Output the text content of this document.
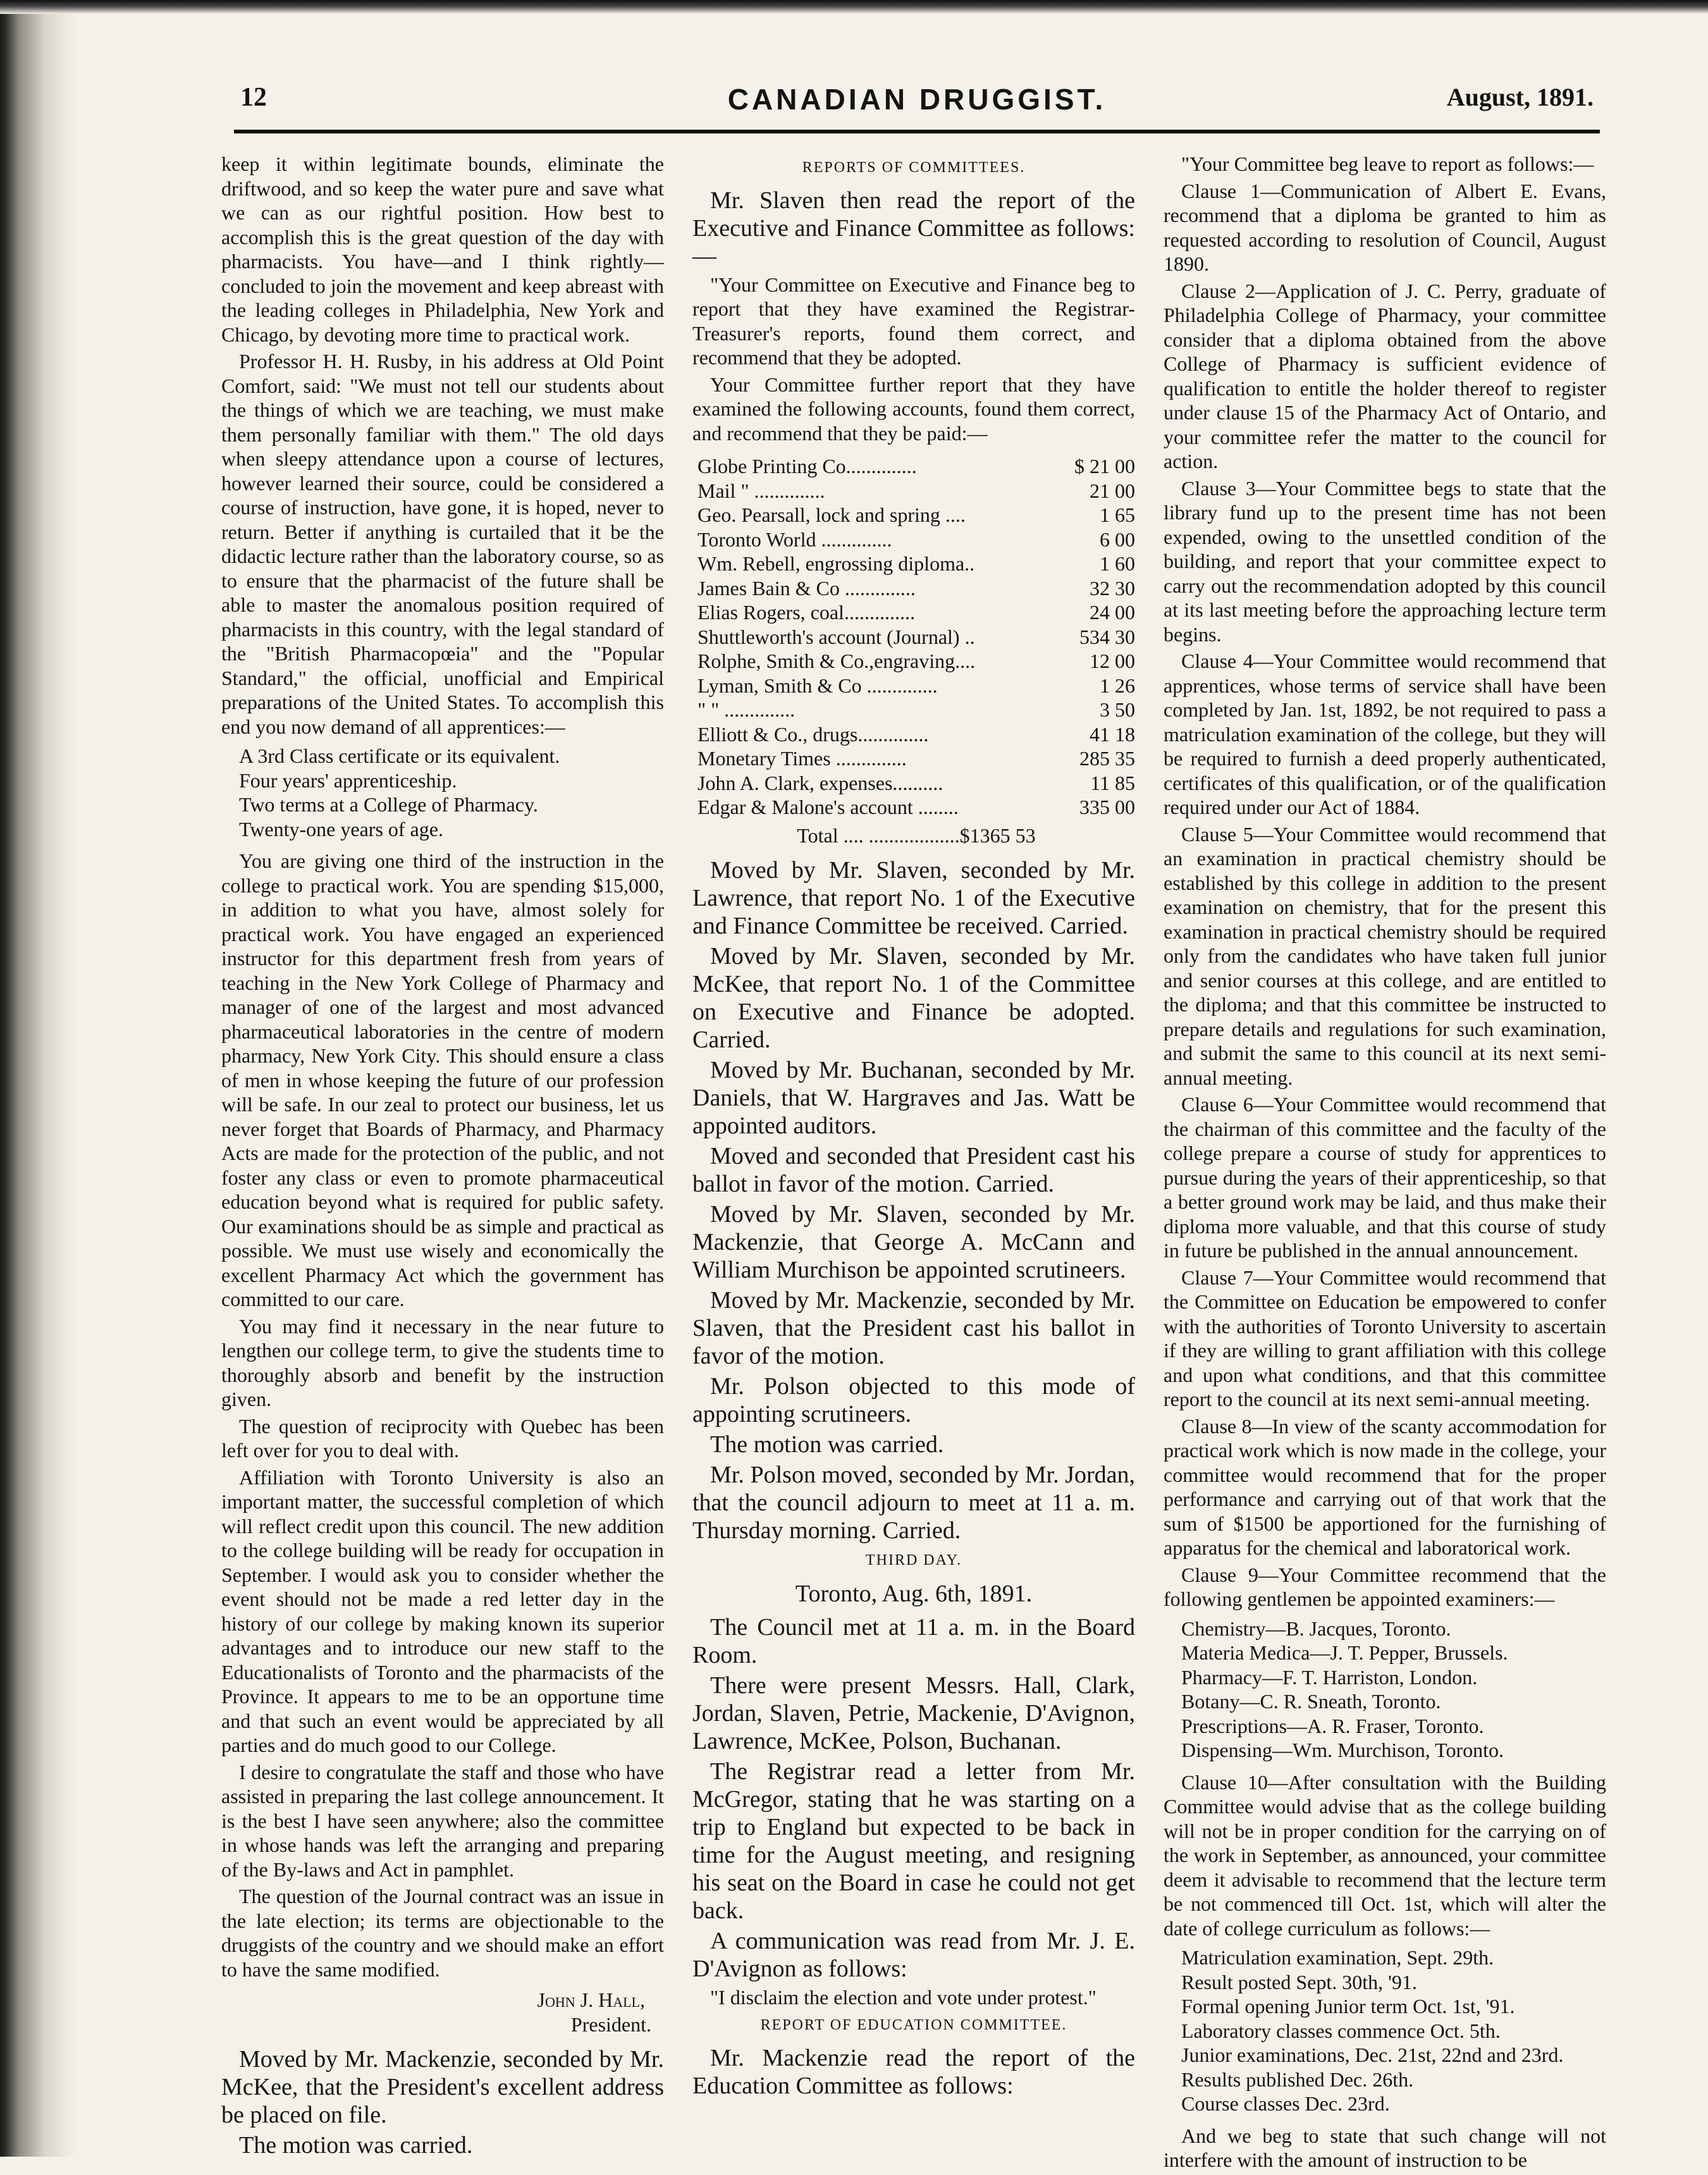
12	CANADIAN DRUGGIST.	August, 1891.

keep it within legitimate bounds, eliminate the driftwood, and so keep the water pure and save what we can as our rightful position. How best to accomplish this is the great question of the day with pharmacists. You have—and I think rightly—concluded to join the movement and keep abreast with the leading colleges in Philadelphia, New York and Chicago, by devoting more time to practical work.

Professor H. H. Rusby, in his address at Old Point Comfort, said: "We must not tell our students about the things of which we are teaching, we must make them personally familiar with them." The old days when sleepy attendance upon a course of lectures, however learned their source, could be considered a course of instruction, have gone, it is hoped, never to return. Better if anything is curtailed that it be the didactic lecture rather than the laboratory course, so as to ensure that the pharmacist of the future shall be able to master the anomalous position required of pharmacists in this country, with the legal standard of the "British Pharmacopœia" and the "Popular Standard," the official, unofficial and Empirical preparations of the United States. To accomplish this end you now demand of all apprentices:—

A 3rd Class certificate or its equivalent.
Four years' apprenticeship.
Two terms at a College of Pharmacy.
Twenty-one years of age.

You are giving one third of the instruction in the college to practical work. You are spending $15,000, in addition to what you have, almost solely for practical work. You have engaged an experienced instructor for this department fresh from years of teaching in the New York College of Pharmacy and manager of one of the largest and most advanced pharmaceutical laboratories in the centre of modern pharmacy, New York City. This should ensure a class of men in whose keeping the future of our profession will be safe. In our zeal to protect our business, let us never forget that Boards of Pharmacy, and Pharmacy Acts are made for the protection of the public, and not foster any class or even to promote pharmaceutical education beyond what is required for public safety. Our examinations should be as simple and practical as possible. We must use wisely and economically the excellent Pharmacy Act which the government has committed to our care.

You may find it necessary in the near future to lengthen our college term, to give the students time to thoroughly absorb and benefit by the instruction given.

The question of reciprocity with Quebec has been left over for you to deal with.

Affiliation with Toronto University is also an important matter, the successful completion of which will reflect credit upon this council. The new addition to the college building will be ready for occupation in September. I would ask you to consider whether the event should not be made a red letter day in the history of our college by making known its superior advantages and to introduce our new staff to the Educationalists of Toronto and the pharmacists of the Province. It appears to me to be an opportune time and that such an event would be appreciated by all parties and do much good to our College.

I desire to congratulate the staff and those who have assisted in preparing the last college announcement. It is the best I have seen anywhere; also the committee in whose hands was left the arranging and preparing of the By-laws and Act in pamphlet.

The question of the Journal contract was an issue in the late election; its terms are objectionable to the druggists of the country and we should make an effort to have the same modified.

John J. Hall,
President.

Moved by Mr. Mackenzie, seconded by Mr. McKee, that the President's excellent address be placed on file.

The motion was carried.

REPORTS OF COMMITTEES.

Mr. Slaven then read the report of the Executive and Finance Committee as follows:—

"Your Committee on Executive and Finance beg to report that they have examined the Registrar-Treasurer's reports, found them correct, and recommend that they be adopted.

Your Committee further report that they have examined the following accounts, found them correct, and recommend that they be paid:—

Globe Printing Co..............	$ 21 00
Mail " ..............	21 00
Geo. Pearsall, lock and spring ....	1 65
Toronto World ..............	6 00
Wm. Rebell, engrossing diploma..	1 60
James Bain & Co ..............	32 30
Elias Rogers, coal..............	24 00
Shuttleworth's account (Journal) ..	534 30
Rolphe, Smith & Co.,engraving....	12 00
Lyman, Smith & Co ..............	1 26
" " ..............	3 50
Elliott & Co., drugs..............	41 18
Monetary Times ..............	285 35
John A. Clark, expenses..........	11 85
Edgar & Malone's account ........	335 00
Total .... ..................$1365 53

Moved by Mr. Slaven, seconded by Mr. Lawrence, that report No. 1 of the Executive and Finance Committee be received. Carried.

Moved by Mr. Slaven, seconded by Mr. McKee, that report No. 1 of the Committee on Executive and Finance be adopted. Carried.

Moved by Mr. Buchanan, seconded by Mr. Daniels, that W. Hargraves and Jas. Watt be appointed auditors.

Moved and seconded that President cast his ballot in favor of the motion. Carried.

Moved by Mr. Slaven, seconded by Mr. Mackenzie, that George A. McCann and William Murchison be appointed scrutineers.

Moved by Mr. Mackenzie, seconded by Mr. Slaven, that the President cast his ballot in favor of the motion.

Mr. Polson objected to this mode of appointing scrutineers.

The motion was carried.

Mr. Polson moved, seconded by Mr. Jordan, that the council adjourn to meet at 11 a. m. Thursday morning. Carried.

THIRD DAY.
Toronto, Aug. 6th, 1891.

The Council met at 11 a. m. in the Board Room.

There were present Messrs. Hall, Clark, Jordan, Slaven, Petrie, Mackenie, D'Avignon, Lawrence, McKee, Polson, Buchanan.

The Registrar read a letter from Mr. McGregor, stating that he was starting on a trip to England but expected to be back in time for the August meeting, and resigning his seat on the Board in case he could not get back.

A communication was read from Mr. J. E. D'Avignon as follows:

"I disclaim the election and vote under protest."

REPORT OF EDUCATION COMMITTEE.

Mr. Mackenzie read the report of the Education Committee as follows:

"Your Committee beg leave to report as follows:—

Clause 1—Communication of Albert E. Evans, recommend that a diploma be granted to him as requested according to resolution of Council, August 1890.

Clause 2—Application of J. C. Perry, graduate of Philadelphia College of Pharmacy, your committee consider that a diploma obtained from the above College of Pharmacy is sufficient evidence of qualification to entitle the holder thereof to register under clause 15 of the Pharmacy Act of Ontario, and your committee refer the matter to the council for action.

Clause 3—Your Committee begs to state that the library fund up to the present time has not been expended, owing to the unsettled condition of the building, and report that your committee expect to carry out the recommendation adopted by this council at its last meeting before the approaching lecture term begins.

Clause 4—Your Committee would recommend that apprentices, whose terms of service shall have been completed by Jan. 1st, 1892, be not required to pass a matriculation examination of the college, but they will be required to furnish a deed properly authenticated, certificates of this qualification, or of the qualification required under our Act of 1884.

Clause 5—Your Committee would recommend that an examination in practical chemistry should be established by this college in addition to the present examination on chemistry, that for the present this examination in practical chemistry should be required only from the candidates who have taken full junior and senior courses at this college, and are entitled to the diploma; and that this committee be instructed to prepare details and regulations for such examination, and submit the same to this council at its next semi-annual meeting.

Clause 6—Your Committee would recommend that the chairman of this committee and the faculty of the college prepare a course of study for apprentices to pursue during the years of their apprenticeship, so that a better ground work may be laid, and thus make their diploma more valuable, and that this course of study in future be published in the annual announcement.

Clause 7—Your Committee would recommend that the Committee on Education be empowered to confer with the authorities of Toronto University to ascertain if they are willing to grant affiliation with this college and upon what conditions, and that this committee report to the council at its next semi-annual meeting.

Clause 8—In view of the scanty accommodation for practical work which is now made in the college, your committee would recommend that for the proper performance and carrying out of that work that the sum of $1500 be apportioned for the furnishing of apparatus for the chemical and laboratorical work.

Clause 9—Your Committee recommend that the following gentlemen be appointed examiners:—

Chemistry—B. Jacques, Toronto.
Materia Medica—J. T. Pepper, Brussels.
Pharmacy—F. T. Harriston, London.
Botany—C. R. Sneath, Toronto.
Prescriptions—A. R. Fraser, Toronto.
Dispensing—Wm. Murchison, Toronto.

Clause 10—After consultation with the Building Committee would advise that as the college building will not be in proper condition for the carrying on of the work in September, as announced, your committee deem it advisable to recommend that the lecture term be not commenced till Oct. 1st, which will alter the date of college curriculum as follows:—

Matriculation examination, Sept. 29th.
Result posted Sept. 30th, '91.
Formal opening Junior term Oct. 1st, '91.
Laboratory classes commence Oct. 5th.
Junior examinations, Dec. 21st, 22nd and 23rd.
Results published Dec. 26th.
Course classes Dec. 23rd.

And we beg to state that such change will not interfere with the amount of instruction to be
